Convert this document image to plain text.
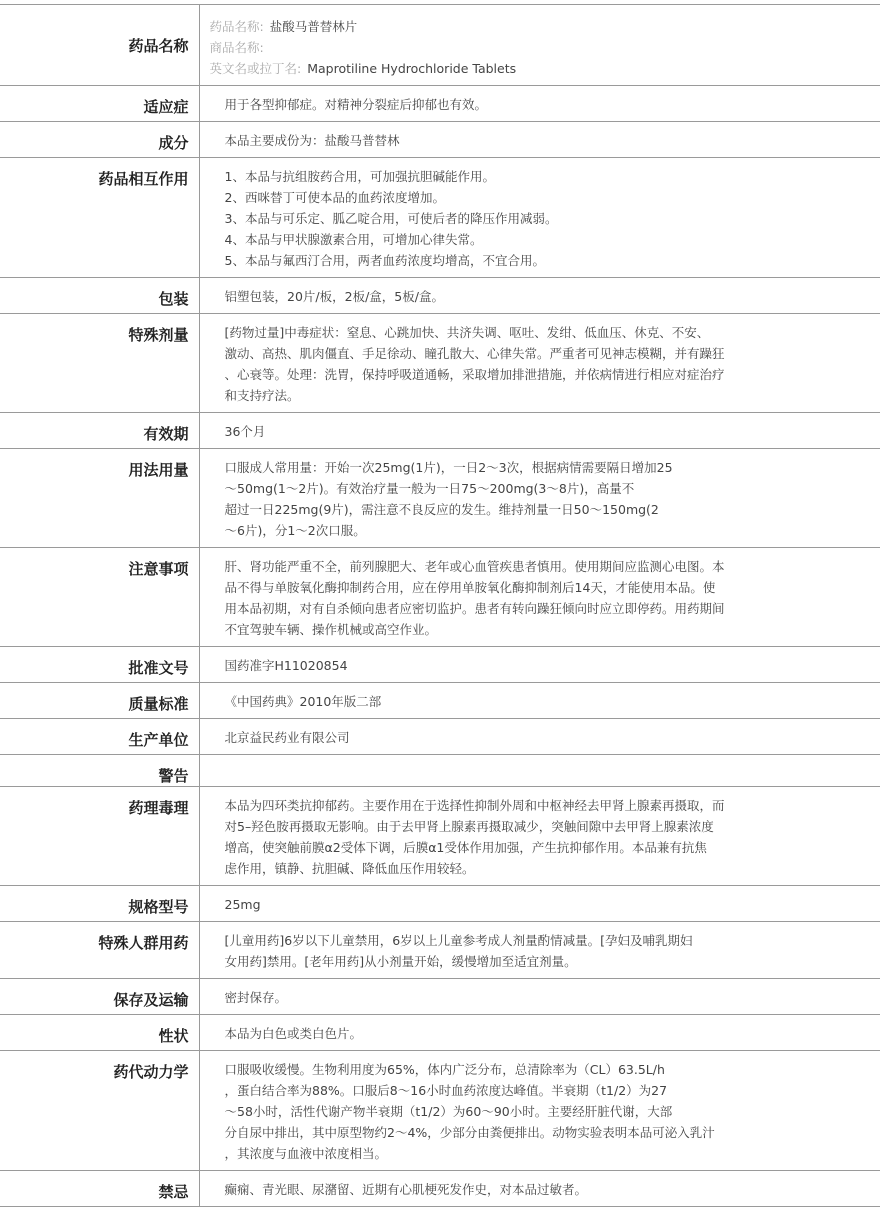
药品名称	药品名称: 盐酸马普替林片
商品名称:
英文名或拉丁名: Maprotiline Hydrochloride Tablets

适应症	用于各型抑郁症。对精神分裂症后抑郁也有效。

成分	本品主要成份为：盐酸马普替林

药品相互作用	1、本品与抗组胺药合用，可加强抗胆碱能作用。
2、西咪替丁可使本品的血药浓度增加。
3、本品与可乐定、胍乙啶合用，可使后者的降压作用减弱。
4、本品与甲状腺激素合用，可增加心律失常。
5、本品与氟西汀合用，两者血药浓度均增高，不宜合用。

包装	铝塑包装，20片/板，2板/盒，5板/盒。

特殊剂量	[药物过量]中毒症状：窒息、心跳加快、共济失调、呕吐、发绀、低血压、休克、不安、
激动、高热、肌肉僵直、手足徐动、瞳孔散大、心律失常。严重者可见神志模糊，并有躁狂
、心衰等。处理：洗胃，保持呼吸道通畅，采取增加排泄措施，并依病情进行相应对症治疗
和支持疗法。

有效期	36个月

用法用量	口服成人常用量：开始一次25mg(1片)，一日2～3次，根据病情需要隔日增加25
～50mg(1～2片)。有效治疗量一般为一日75～200mg(3～8片)，高量不
超过一日225mg(9片)，需注意不良反应的发生。维持剂量一日50～150mg(2
～6片)，分1～2次口服。

注意事项	肝、肾功能严重不全，前列腺肥大、老年或心血管疾患者慎用。使用期间应监测心电图。本
品不得与单胺氧化酶抑制药合用，应在停用单胺氧化酶抑制剂后14天，才能使用本品。使
用本品初期，对有自杀倾向患者应密切监护。患者有转向躁狂倾向时应立即停药。用药期间
不宜驾驶车辆、操作机械或高空作业。

批准文号	国药准字H11020854

质量标准	《中国药典》2010年版二部

生产单位	北京益民药业有限公司

警告	
药理毒理	本品为四环类抗抑郁药。主要作用在于选择性抑制外周和中枢神经去甲肾上腺素再摄取，而
对5–羟色胺再摄取无影响。由于去甲肾上腺素再摄取减少，突触间隙中去甲肾上腺素浓度
增高，使突触前膜α2受体下调，后膜α1受体作用加强，产生抗抑郁作用。本品兼有抗焦
虑作用，镇静、抗胆碱、降低血压作用较轻。

规格型号	25mg

特殊人群用药	[儿童用药]6岁以下儿童禁用，6岁以上儿童参考成人剂量酌情减量。[孕妇及哺乳期妇
女用药]禁用。[老年用药]从小剂量开始，缓慢增加至适宜剂量。

保存及运输	密封保存。

性状	本品为白色或类白色片。

药代动力学	口服吸收缓慢。生物利用度为65%，体内广泛分布，总清除率为（CL）63.5L/h
，蛋白结合率为88%。口服后8～16小时血药浓度达峰值。半衰期（t1/2）为27
～58小时，活性代谢产物半衰期（t1/2）为60～90小时。主要经肝脏代谢，大部
分自尿中排出，其中原型物约2～4%，少部分由粪便排出。动物实验表明本品可泌入乳汁
，其浓度与血液中浓度相当。

禁忌	癫痫、青光眼、尿潴留、近期有心肌梗死发作史，对本品过敏者。
